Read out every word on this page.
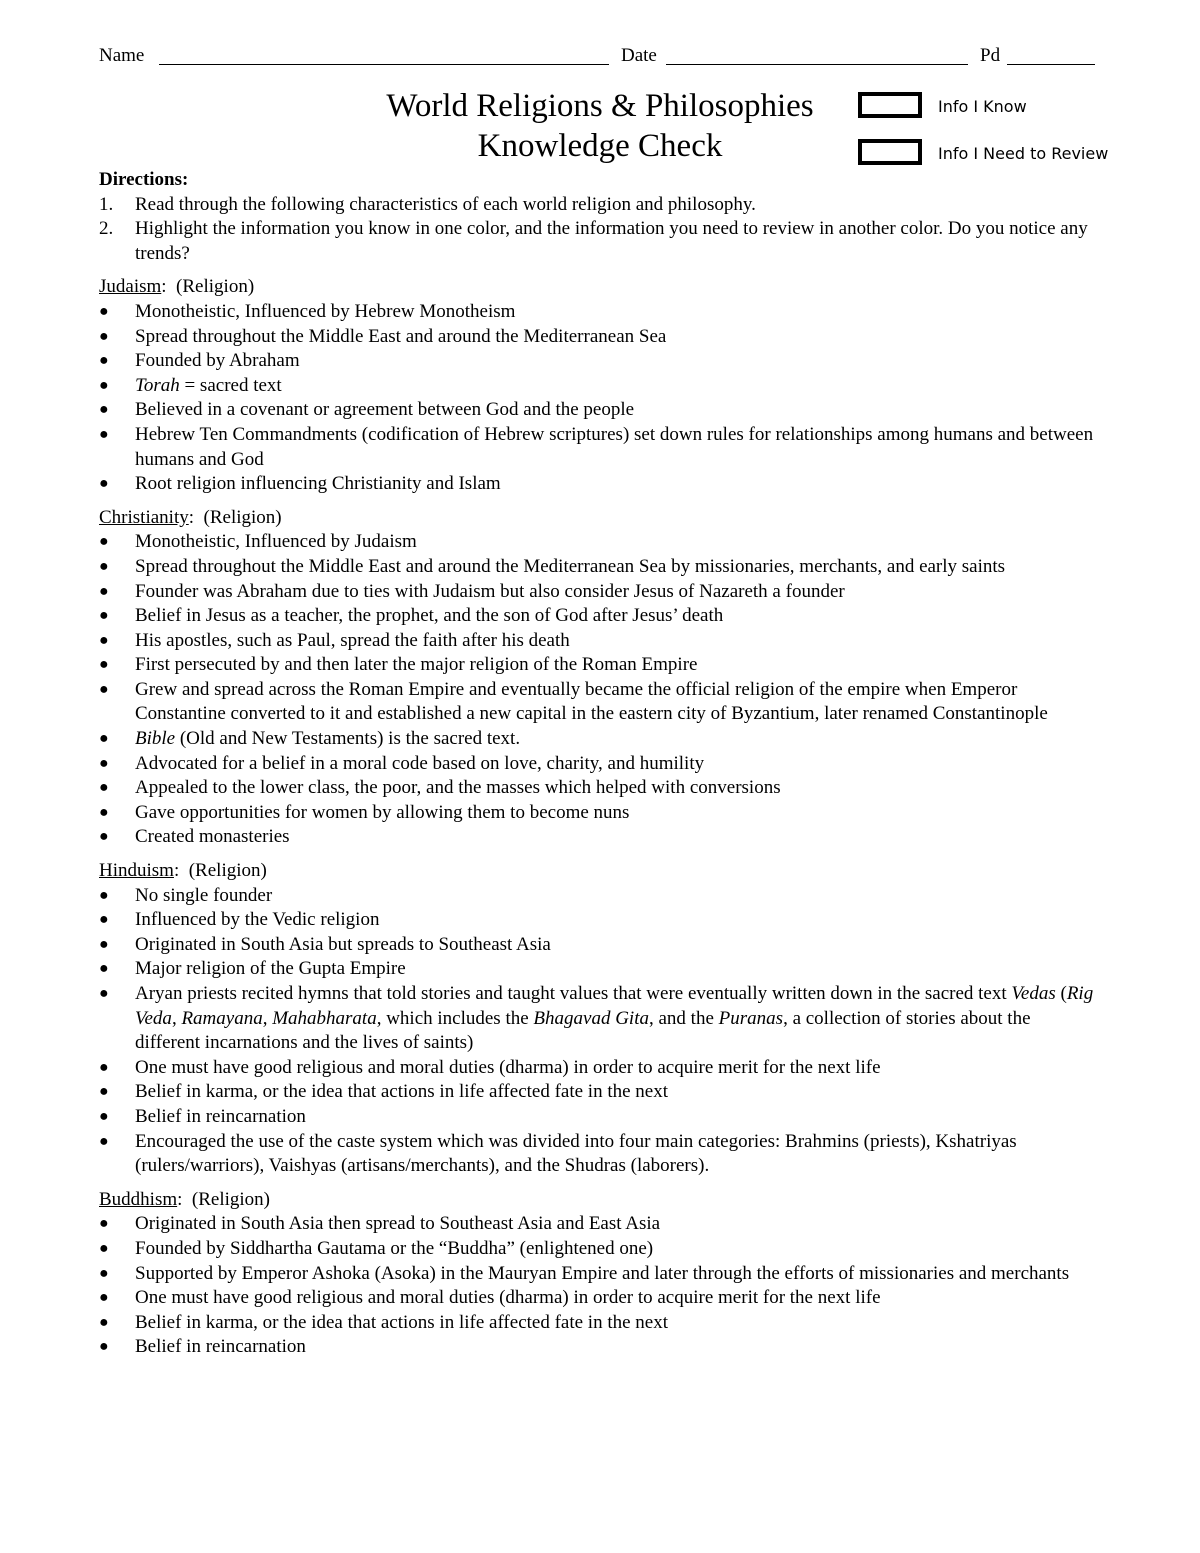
Name	Date	Pd
World Religions & Philosophies
Knowledge Check
Info I Know
Info I Need to Review
Directions:
1. Read through the following characteristics of each world religion and philosophy.
2. Highlight the information you know in one color, and the information you need to review in another color. Do you notice any trends?
Judaism:  (Religion)
● Monotheistic, Influenced by Hebrew Monotheism
● Spread throughout the Middle East and around the Mediterranean Sea
● Founded by Abraham
● Torah = sacred text
● Believed in a covenant or agreement between God and the people
● Hebrew Ten Commandments (codification of Hebrew scriptures) set down rules for relationships among humans and between humans and God
● Root religion influencing Christianity and Islam
Christianity:  (Religion)
● Monotheistic, Influenced by Judaism
● Spread throughout the Middle East and around the Mediterranean Sea by missionaries, merchants, and early saints
● Founder was Abraham due to ties with Judaism but also consider Jesus of Nazareth a founder
● Belief in Jesus as a teacher, the prophet, and the son of God after Jesus’ death
● His apostles, such as Paul, spread the faith after his death
● First persecuted by and then later the major religion of the Roman Empire
● Grew and spread across the Roman Empire and eventually became the official religion of the empire when Emperor Constantine converted to it and established a new capital in the eastern city of Byzantium, later renamed Constantinople
● Bible (Old and New Testaments) is the sacred text.
● Advocated for a belief in a moral code based on love, charity, and humility
● Appealed to the lower class, the poor, and the masses which helped with conversions
● Gave opportunities for women by allowing them to become nuns
● Created monasteries
Hinduism:  (Religion)
● No single founder
● Influenced by the Vedic religion
● Originated in South Asia but spreads to Southeast Asia
● Major religion of the Gupta Empire
● Aryan priests recited hymns that told stories and taught values that were eventually written down in the sacred text Vedas (Rig Veda, Ramayana, Mahabharata, which includes the Bhagavad Gita, and the Puranas, a collection of stories about the different incarnations and the lives of saints)
● One must have good religious and moral duties (dharma) in order to acquire merit for the next life
● Belief in karma, or the idea that actions in life affected fate in the next
● Belief in reincarnation
● Encouraged the use of the caste system which was divided into four main categories: Brahmins (priests), Kshatriyas (rulers/warriors), Vaishyas (artisans/merchants), and the Shudras (laborers).
Buddhism:  (Religion)
● Originated in South Asia then spread to Southeast Asia and East Asia
● Founded by Siddhartha Gautama or the “Buddha” (enlightened one)
● Supported by Emperor Ashoka (Asoka) in the Mauryan Empire and later through the efforts of missionaries and merchants
● One must have good religious and moral duties (dharma) in order to acquire merit for the next life
● Belief in karma, or the idea that actions in life affected fate in the next
● Belief in reincarnation
